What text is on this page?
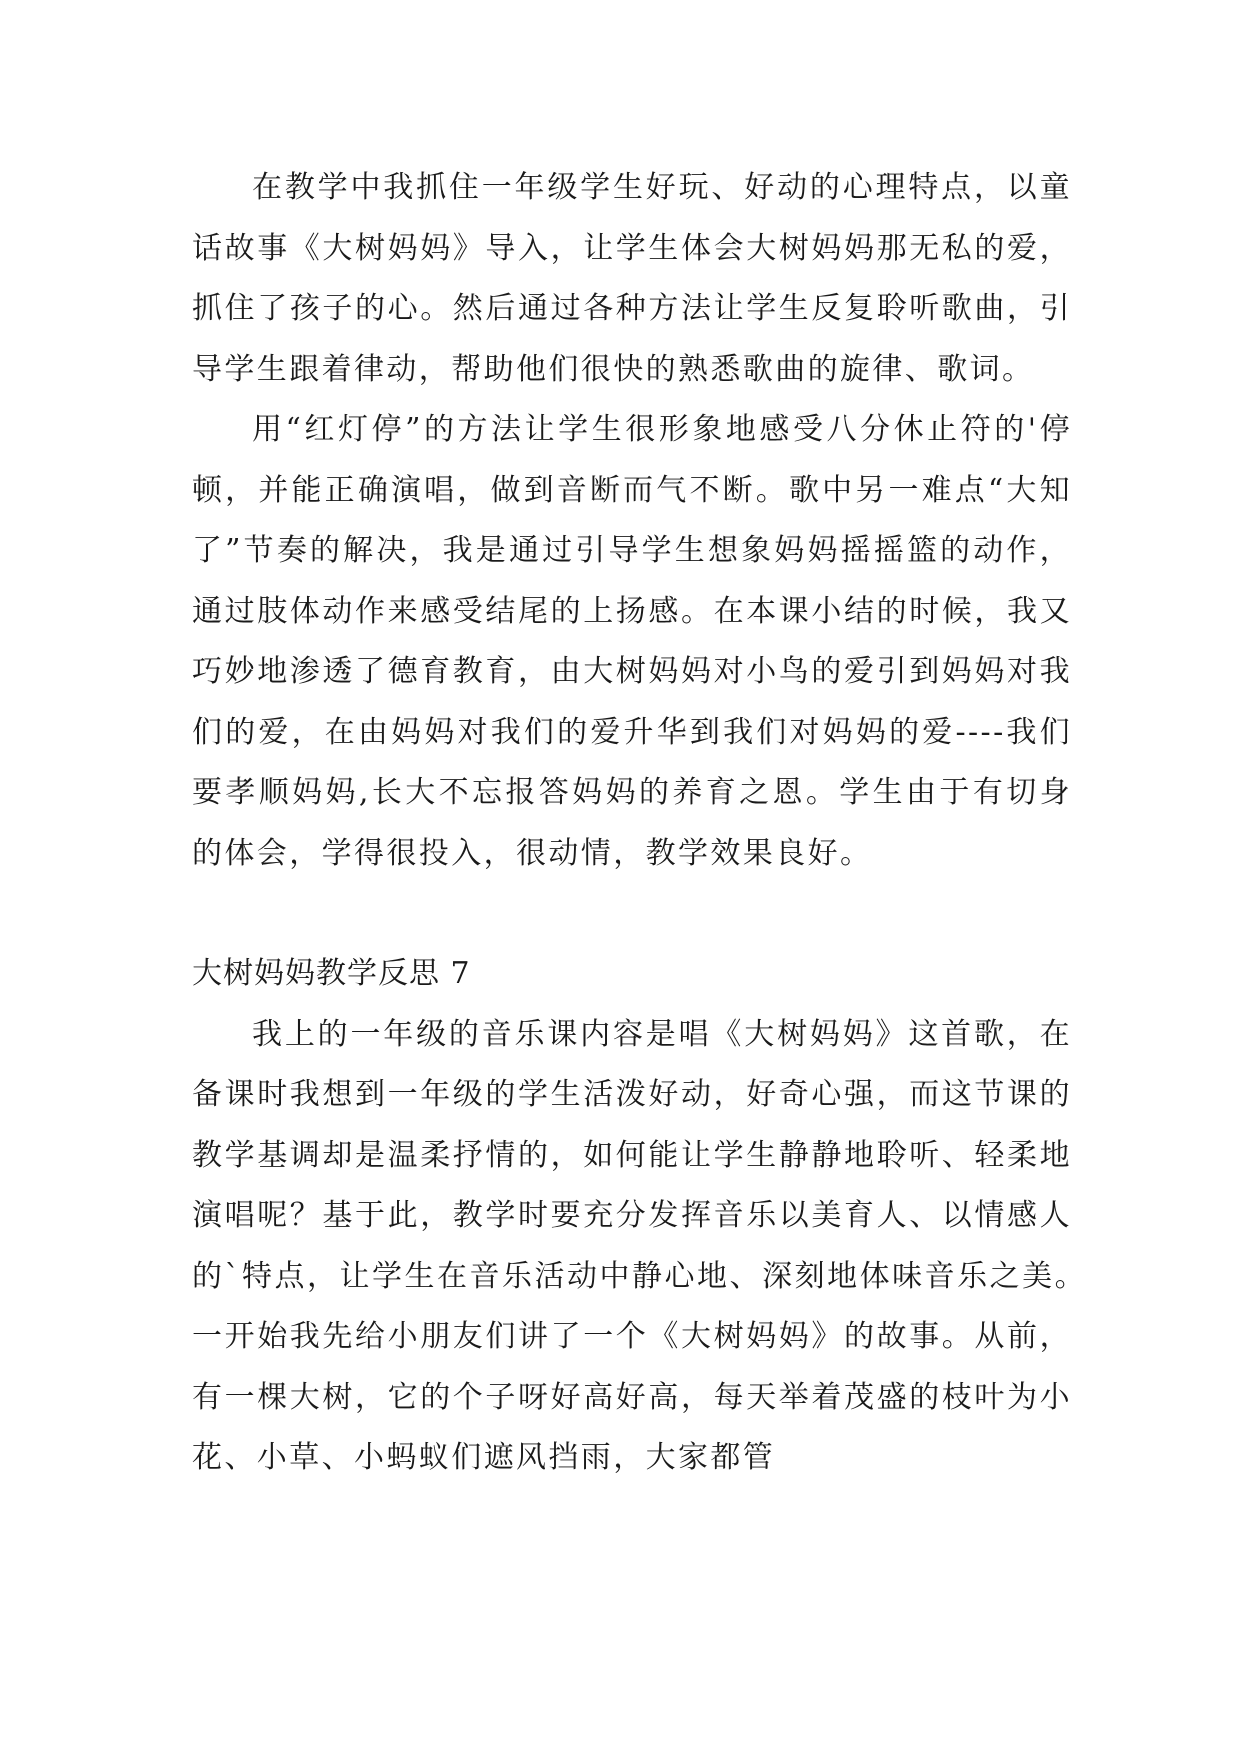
在教学中我抓住一年级学生好玩、好动的心理特点，以童话故事《大树妈妈》导入，让学生体会大树妈妈那无私的爱，抓住了孩子的心。然后通过各种方法让学生反复聆听歌曲，引导学生跟着律动，帮助他们很快的熟悉歌曲的旋律、歌词。

用“红灯停”的方法让学生很形象地感受八分休止符的'停顿，并能正确演唱，做到音断而气不断。歌中另一难点“大知了”节奏的解决，我是通过引导学生想象妈妈摇摇篮的动作，通过肢体动作来感受结尾的上扬感。在本课小结的时候，我又巧妙地渗透了德育教育，由大树妈妈对小鸟的爱引到妈妈对我们的爱，在由妈妈对我们的爱升华到我们对妈妈的爱----我们要孝顺妈妈,长大不忘报答妈妈的养育之恩。学生由于有切身的体会，学得很投入，很动情，教学效果良好。

大树妈妈教学反思 7

我上的一年级的音乐课内容是唱《大树妈妈》这首歌，在备课时我想到一年级的学生活泼好动，好奇心强，而这节课的教学基调却是温柔抒情的，如何能让学生静静地聆听、轻柔地演唱呢？基于此，教学时要充分发挥音乐以美育人、以情感人的`特点，让学生在音乐活动中静心地、深刻地体味音乐之美。　一开始我先给小朋友们讲了一个《大树妈妈》的故事。从前，有一棵大树，它的个子呀好高好高，每天举着茂盛的枝叶为小花、小草、小蚂蚁们遮风挡雨，大家都管
